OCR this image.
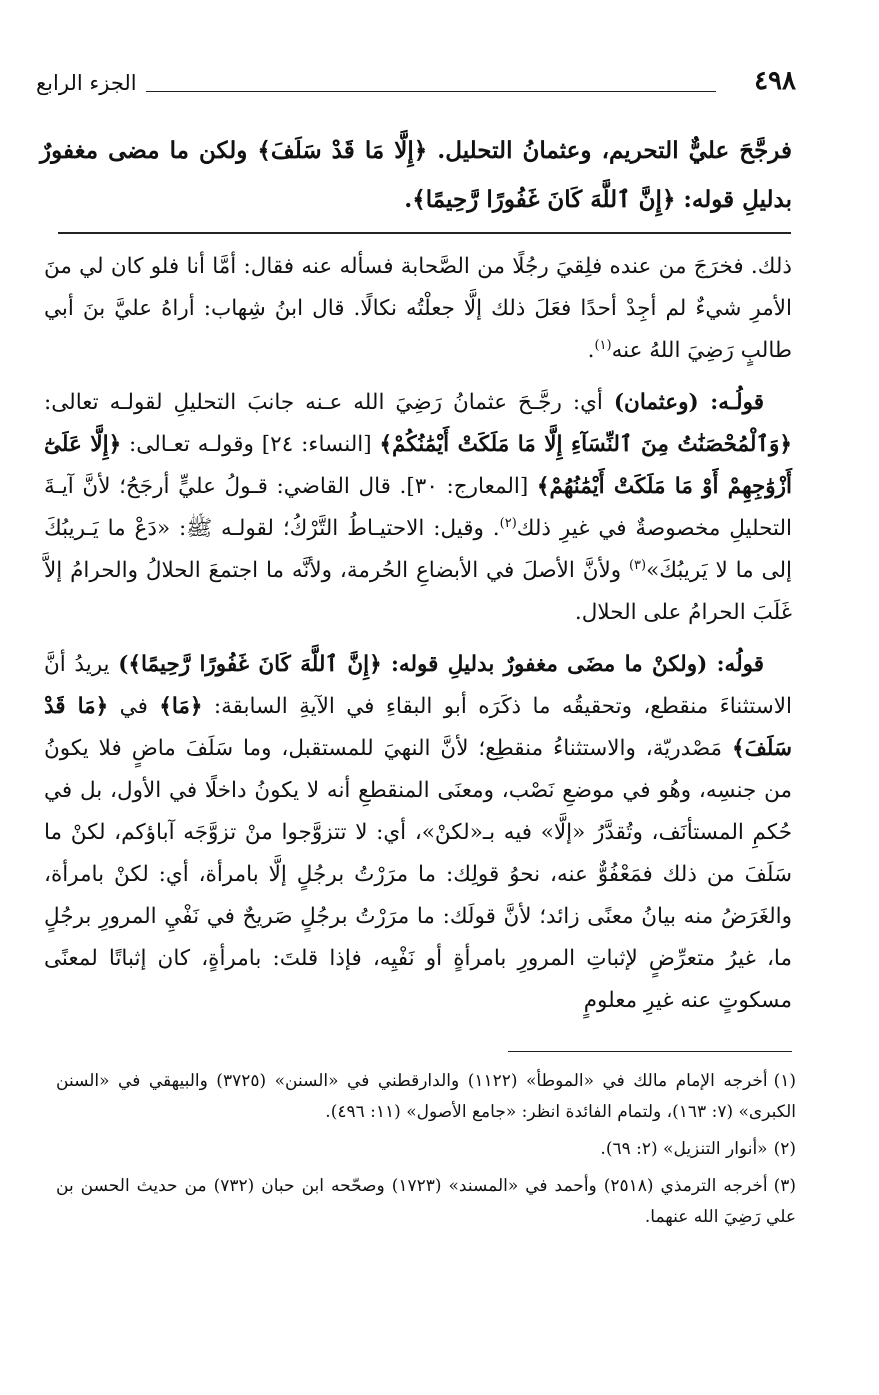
٤٩٨
الجزء الرابع
فرجَّحَ عليٌّ التحريم، وعثمانُ التحليل. ﴿إِلَّا مَا قَدْ سَلَفَ﴾ ولكن ما مضى مغفورٌ بدليلِ قوله: ﴿إِنَّ ٱللَّهَ كَانَ غَفُورًا رَّحِيمًا﴾.

ذلك. فخرَجَ من عنده فلِقيَ رجُلًا من الصَّحابة فسأله عنه فقال: أمَّا أنا فلو كان لي منَ الأمرِ شيءٌ لم أجِدْ أحدًا فعَلَ ذلك إلَّا جعلْتُه نكالًا. قال ابنُ شِهاب: أراهُ عليَّ بنَ أبي طالبٍ رَضِيَ اللهُ عنه$^{(١)}$.

قولُـه: (وعثمان) أي: رجَّـحَ عثمانُ رَضِيَ الله عـنه جانبَ التحليلِ لقولـه تعالى: ﴿وَٱلْمُحْصَنَٰتُ مِنَ ٱلنِّسَآءِ إِلَّا مَا مَلَكَتْ أَيْمَٰنُكُمْ﴾ [النساء: ٢٤] وقولـه تعـالى: ﴿إِلَّا عَلَىٰٓ أَزْوَٰجِهِمْ أَوْ مَا مَلَكَتْ أَيْمَٰنُهُمْ﴾ [المعارج: ٣٠]. قال القاضي: قـولُ عليٍّ أرجَحُ؛ لأنَّ آيـةَ التحليلِ مخصوصةٌ في غيرِ ذلك$^{(٢)}$. وقيل: الاحتيـاطُ التَّرْكُ؛ لقولـه ﷺ: «دَعْ ما يَـريبُكَ إلى ما لا يَريبُكَ»$^{(٣)}$ ولأنَّ الأصلَ في الأبضاعِ الحُرمة، ولأنَّه ما اجتمعَ الحلالُ والحرامُ إلاَّ غَلَبَ الحرامُ على الحلال.

قولُه: (ولكنْ ما مضَى مغفورٌ بدليلِ قوله: ﴿إِنَّ ٱللَّهَ كَانَ غَفُورًا رَّحِيمًا﴾) يريدُ أنَّ الاستثناءَ منقطع، وتحقيقُه ما ذكَرَه أبو البقاءِ في الآيةِ السابقة: ﴿مَا﴾ في ﴿مَا قَدْ سَلَفَ﴾ مَصْدريّة، والاستثناءُ منقطِع؛ لأنَّ النهيَ للمستقبل، وما سَلَفَ ماضٍ فلا يكونُ من جنسِه، وهُو في موضعِ نَصْب، ومعنَى المنقطعِ أنه لا يكونُ داخلًا في الأول، بل في حُكمِ المستأنَف، وتُقدَّرُ «إلَّا» فيه بـ«لكنْ»، أي: لا تتزوَّجوا منْ تزوَّجَه آباؤكم، لكنْ ما سَلَفَ من ذلك فمَعْفُوٌّ عنه، نحوُ قولِك: ما مرَرْتُ برجُلٍ إلَّا بامرأة، أي: لكنْ بامرأة، والغَرَضُ منه بيانُ معنًى زائد؛ لأنَّ قولَك: ما مرَرْتُ برجُلٍ صَريحٌ في نَفْيِ المرورِ برجُلٍ ما، غيرُ متعرِّضٍ لإثباتِ المرورِ بامرأةٍ أو نَفْيِه، فإذا قلتَ: بامرأةٍ، كان إثباتًا لمعنًى مسكوتٍ عنه غيرِ معلومٍ

(١)أخرجه الإمام مالك في «الموطأ» (١١٢٢) والدارقطني في «السنن» (٣٧٢٥) والبيهقي في «السنن الكبرى» (٧: ١٦٣)، ولتمام الفائدة انظر: «جامع الأصول» (١١: ٤٩٦).
(٢)«أنوار التنزيل» (٢: ٦٩).
(٣)أخرجه الترمذي (٢٥١٨) وأحمد في «المسند» (١٧٢٣) وصحّحه ابن حبان (٧٣٢) من حديث الحسن بن علي رَضِيَ الله عنهما.
